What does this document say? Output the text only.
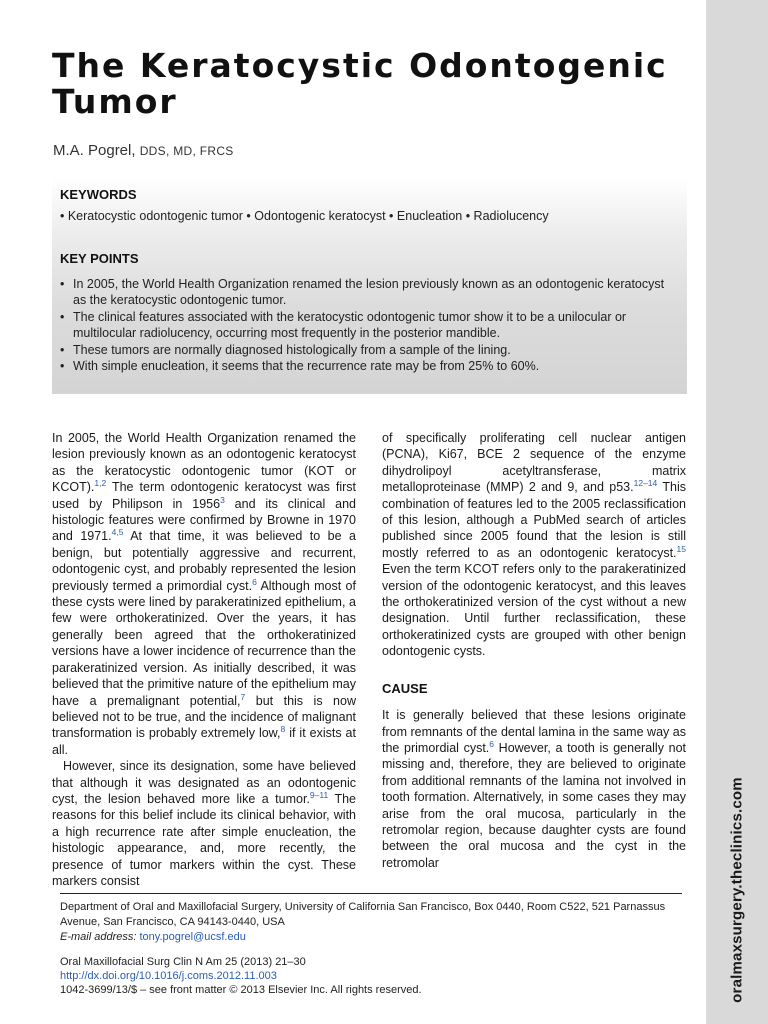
oralmaxsurgery.theclinics.com
The Keratocystic Odontogenic Tumor
M.A. Pogrel, DDS, MD, FRCS
KEYWORDS
• Keratocystic odontogenic tumor • Odontogenic keratocyst • Enucleation • Radiolucency
KEY POINTS
• In 2005, the World Health Organization renamed the lesion previously known as an odontogenic keratocyst as the keratocystic odontogenic tumor.
• The clinical features associated with the keratocystic odontogenic tumor show it to be a unilocular or multilocular radiolucency, occurring most frequently in the posterior mandible.
• These tumors are normally diagnosed histologically from a sample of the lining.
• With simple enucleation, it seems that the recurrence rate may be from 25% to 60%.

In 2005, the World Health Organization renamed the lesion previously known as an odontogenic keratocyst as the keratocystic odontogenic tumor (KOT or KCOT).$^{1,2}$ The term odontogenic keratocyst was first used by Philipson in 1956$^3$ and its clinical and histologic features were confirmed by Browne in 1970 and 1971.$^{4,5}$ At that time, it was believed to be a benign, but potentially aggressive and recurrent, odontogenic cyst, and probably represented the lesion previously termed a primordial cyst.$^6$ Although most of these cysts were lined by parakeratinized epithelium, a few were orthokeratinized. Over the years, it has generally been agreed that the orthokeratinized versions have a lower incidence of recurrence than the parakeratinized version. As initially described, it was believed that the primitive nature of the epithelium may have a premalignant potential,$^7$ but this is now believed not to be true, and the incidence of malignant transformation is probably extremely low,$^8$ if it exists at all.

However, since its designation, some have believed that although it was designated as an odontogenic cyst, the lesion behaved more like a tumor.$^{9-11}$ The reasons for this belief include its clinical behavior, with a high recurrence rate after simple enucleation, the histologic appearance, and, more recently, the presence of tumor markers within the cyst. These markers consist

of specifically proliferating cell nuclear antigen (PCNA), Ki67, BCE 2 sequence of the enzyme dihydrolipoyl acetyltransferase, matrix metalloproteinase (MMP) 2 and 9, and p53.$^{12-14}$ This combination of features led to the 2005 reclassification of this lesion, although a PubMed search of articles published since 2005 found that the lesion is still mostly referred to as an odontogenic keratocyst.$^{15}$ Even the term KCOT refers only to the parakeratinized version of the odontogenic keratocyst, and this leaves the orthokeratinized version of the cyst without a new designation. Until further reclassification, these orthokeratinized cysts are grouped with other benign odontogenic cysts.

CAUSE

It is generally believed that these lesions originate from remnants of the dental lamina in the same way as the primordial cyst.$^6$ However, a tooth is generally not missing and, therefore, they are believed to originate from additional remnants of the lamina not involved in tooth formation. Alternatively, in some cases they may arise from the oral mucosa, particularly in the retromolar region, because daughter cysts are found between the oral mucosa and the cyst in the retromolar

Department of Oral and Maxillofacial Surgery, University of California San Francisco, Box 0440, Room C522, 521 Parnassus Avenue, San Francisco, CA 94143-0440, USA
E-mail address: tony.pogrel@ucsf.edu
Oral Maxillofacial Surg Clin N Am 25 (2013) 21–30
http://dx.doi.org/10.1016/j.coms.2012.11.003
1042-3699/13/$ – see front matter © 2013 Elsevier Inc. All rights reserved.
